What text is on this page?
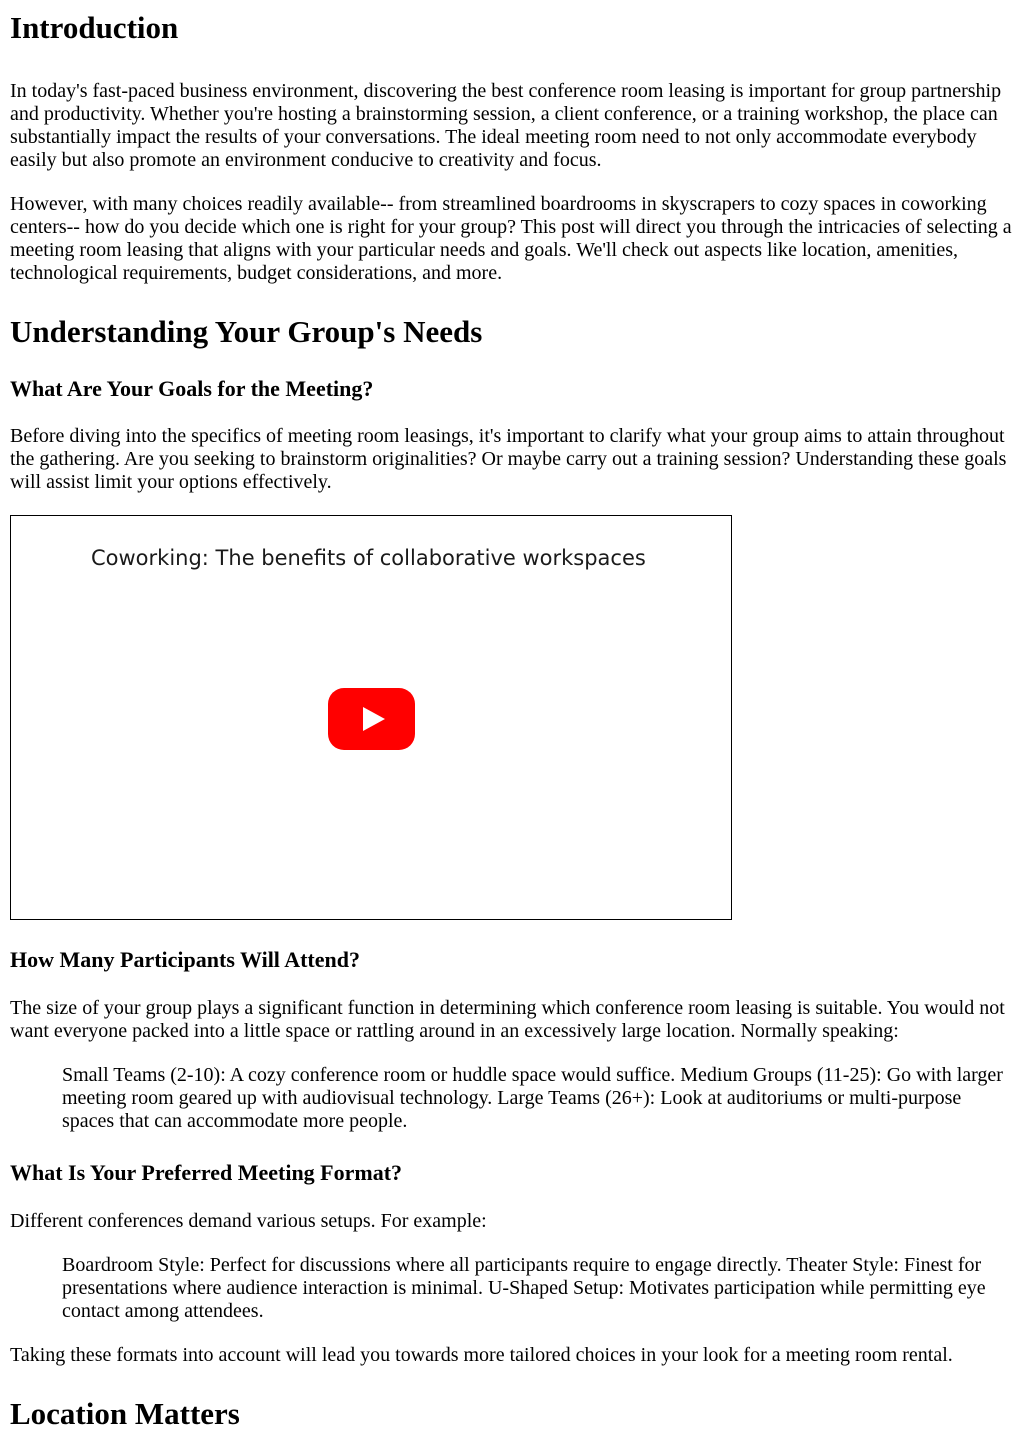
Introduction

In today's fast-paced business environment, discovering the best conference room leasing is important for group partnership and productivity. Whether you're hosting a brainstorming session, a client conference, or a training workshop, the place can substantially impact the results of your conversations. The ideal meeting room need to not only accommodate everybody easily but also promote an environment conducive to creativity and focus.

However, with many choices readily available-- from streamlined boardrooms in skyscrapers to cozy spaces in coworking centers-- how do you decide which one is right for your group? This post will direct you through the intricacies of selecting a meeting room leasing that aligns with your particular needs and goals. We'll check out aspects like location, amenities, technological requirements, budget considerations, and more.

Understanding Your Group's Needs
What Are Your Goals for the Meeting?

Before diving into the specifics of meeting room leasings, it's important to clarify what your group aims to attain throughout the gathering. Are you seeking to brainstorm originalities? Or maybe carry out a training session? Understanding these goals will assist limit your options effectively.

Coworking: The benefits of collaborative workspaces
How Many Participants Will Attend?

The size of your group plays a significant function in determining which conference room leasing is suitable. You would not want everyone packed into a little space or rattling around in an excessively large location. Normally speaking:

Small Teams (2-10): A cozy conference room or huddle space would suffice. Medium Groups (11-25): Go with larger meeting room geared up with audiovisual technology. Large Teams (26+): Look at auditoriums or multi-purpose spaces that can accommodate more people.
What Is Your Preferred Meeting Format?

Different conferences demand various setups. For example:

Boardroom Style: Perfect for discussions where all participants require to engage directly. Theater Style: Finest for presentations where audience interaction is minimal. U-Shaped Setup: Motivates participation while permitting eye contact among attendees.

Taking these formats into account will lead you towards more tailored choices in your look for a meeting room rental.

Location Matters
